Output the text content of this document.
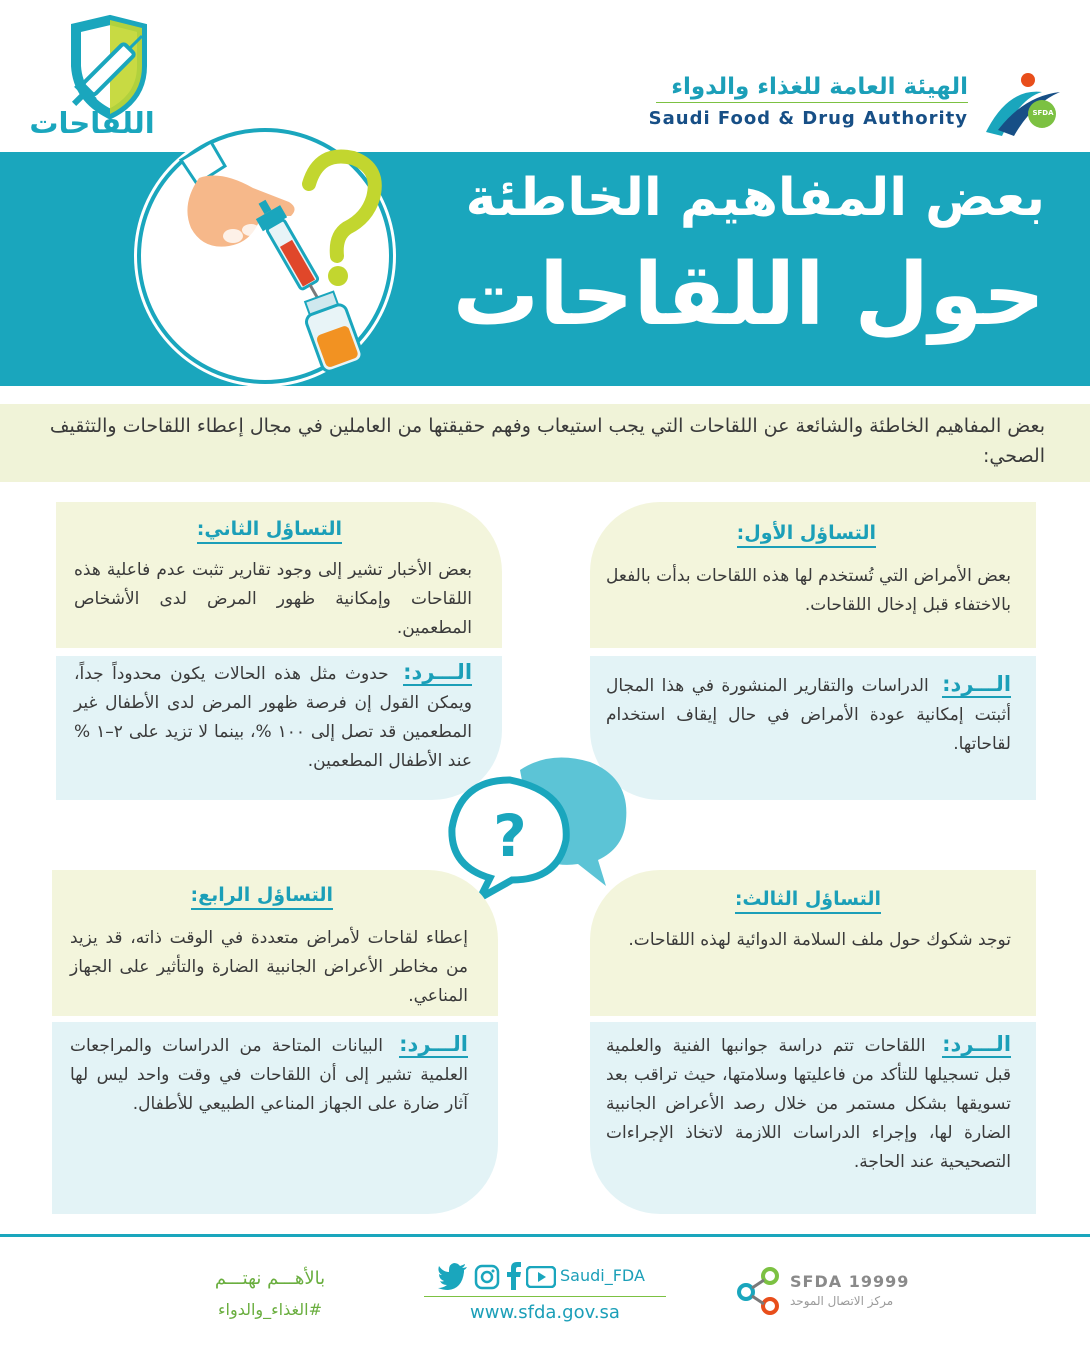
اللقاحات
الهيئة العامة للغذاء والدواء
Saudi Food & Drug Authority	SFDA
بعض المفاهيم الخاطئة
حول اللقاحات
بعض المفاهيم الخاطئة والشائعة عن اللقاحات التي يجب استيعاب وفهم حقيقتها من العاملين في مجال إعطاء اللقاحات والتثقيف الصحي:
التساؤل الأول:
بعض الأمراض التي تُستخدم لها هذه اللقاحات بدأت بالفعل بالاختفاء قبل إدخال اللقاحات.
الـــرد: الدراسات والتقارير المنشورة في هذا المجال أثبتت إمكانية عودة الأمراض في حال إيقاف استخدام لقاحاتها.
التساؤل الثاني:
بعض الأخبار تشير إلى وجود تقارير تثبت عدم فاعلية هذه اللقاحات وإمكانية ظهور المرض لدى الأشخاص المطعمين.
الـــرد: حدوث مثل هذه الحالات يكون محدوداً جداً، ويمكن القول إن فرصة ظهور المرض لدى الأطفال غير المطعمين قد تصل إلى ١٠٠ %، بينما لا تزيد على ٢–١ % عند الأطفال المطعمين.
?
التساؤل الثالث:
توجد شكوك حول ملف السلامة الدوائية لهذه اللقاحات.
الـــرد: اللقاحات تتم دراسة جوانبها الفنية والعلمية قبل تسجيلها للتأكد من فاعليتها وسلامتها، حيث تراقب بعد تسويقها بشكل مستمر من خلال رصد الأعراض الجانبية الضارة لها، وإجراء الدراسات اللازمة لاتخاذ الإجراءات التصحيحية عند الحاجة.
التساؤل الرابع:
إعطاء لقاحات لأمراض متعددة في الوقت ذاته، قد يزيد من مخاطر الأعراض الجانبية الضارة والتأثير على الجهاز المناعي.
الـــرد: البيانات المتاحة من الدراسات والمراجعات العلمية تشير إلى أن اللقاحات في وقت واحد ليس لها آثار ضارة على الجهاز المناعي الطبيعي للأطفال.
بالأهـــم نهتـــم
#الغذاء_والدواء
Saudi_FDA
www.sfda.gov.sa
SFDA 19999
مركز الاتصال الموحد
